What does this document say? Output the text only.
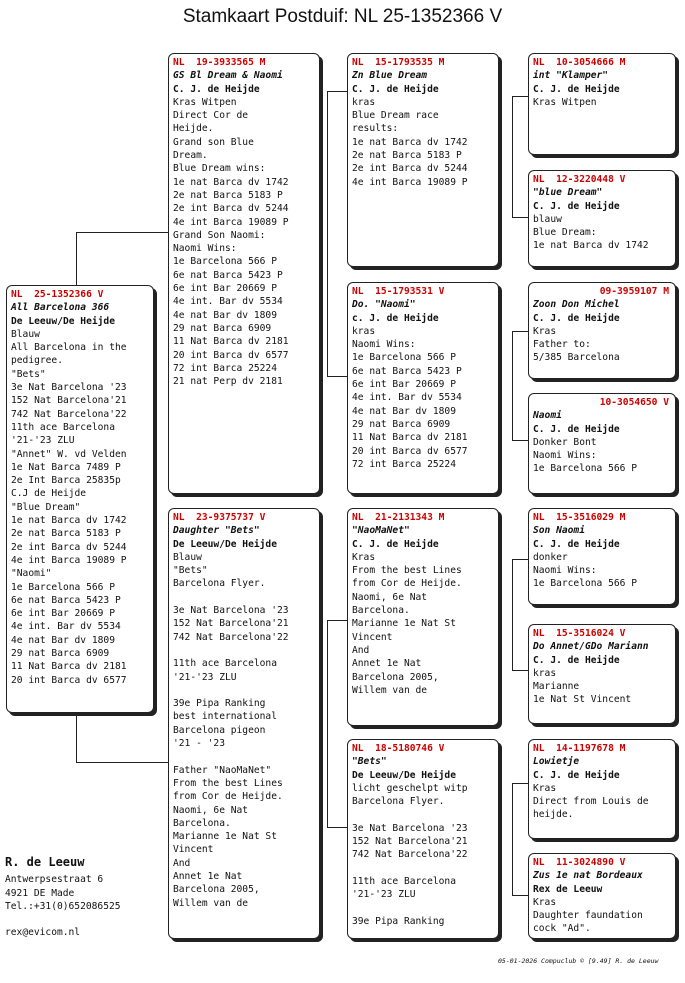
Stamkaart Postduif: NL 25-1352366 V
NL  25-1352366 V
All Barcelona 366
De Leeuw/De Heijde
Blauw
All Barcelona in the
pedigree.
"Bets"
3e Nat Barcelona '23
152 Nat Barcelona'21
742 Nat Barcelona'22
11th ace Barcelona
'21-'23 ZLU
"Annet" W. vd Velden
1e Nat Barca 7489 P
2e Int Barca 25835p
C.J de Heijde
"Blue Dream"
1e nat Barca dv 1742
2e nat Barca 5183 P
2e int Barca dv 5244
4e int Barca 19089 P
"Naomi"
1e Barcelona 566 P
6e nat Barca 5423 P
6e int Bar 20669 P
4e int. Bar dv 5534
4e nat Bar dv 1809
29 nat Barca 6909
11 Nat Barca dv 2181
20 int Barca dv 6577
NL  19-3933565 M
GS Bl Dream & Naomi
C. J. de Heijde
Kras Witpen
Direct Cor de
Heijde.
Grand son Blue
Dream.
Blue Dream wins:
1e nat Barca dv 1742
2e nat Barca 5183 P
2e int Barca dv 5244
4e int Barca 19089 P
Grand Son Naomi:
Naomi Wins:
1e Barcelona 566 P
6e nat Barca 5423 P
6e int Bar 20669 P
4e int. Bar dv 5534
4e nat Bar dv 1809
29 nat Barca 6909
11 Nat Barca dv 2181
20 int Barca dv 6577
72 int Barca 25224
21 nat Perp dv 2181
NL  23-9375737 V
Daughter "Bets"
De Leeuw/De Heijde
Blauw
"Bets"
Barcelona Flyer.
3e Nat Barcelona '23
152 Nat Barcelona'21
742 Nat Barcelona'22
11th ace Barcelona
'21-'23 ZLU
39e Pipa Ranking
best international
Barcelona pigeon
'21 - '23
Father "NaoMaNet"
From the best Lines
from Cor de Heijde.
Naomi, 6e Nat
Barcelona.
Marianne 1e Nat St
Vincent
And
Annet 1e Nat
Barcelona 2005,
Willem van de
NL  15-1793535 M
Zn Blue Dream
C. J. de Heijde
kras
Blue Dream race
results:
1e nat Barca dv 1742
2e nat Barca 5183 P
2e int Barca dv 5244
4e int Barca 19089 P
NL  15-1793531 V
Do. "Naomi"
c. J. de Heijde
kras
Naomi Wins:
1e Barcelona 566 P
6e nat Barca 5423 P
6e int Bar 20669 P
4e int. Bar dv 5534
4e nat Bar dv 1809
29 nat Barca 6909
11 Nat Barca dv 2181
20 int Barca dv 6577
72 int Barca 25224
NL  21-2131343 M
"NaoMaNet"
C. J. de Heijde
Kras
From the best Lines
from Cor de Heijde.
Naomi, 6e Nat
Barcelona.
Marianne 1e Nat St
Vincent
And
Annet 1e Nat
Barcelona 2005,
Willem van de
NL  18-5180746 V
"Bets"
De Leeuw/De Heijde
licht geschelpt witp
Barcelona Flyer.
3e Nat Barcelona '23
152 Nat Barcelona'21
742 Nat Barcelona'22
11th ace Barcelona
'21-'23 ZLU
39e Pipa Ranking
NL  10-3054666 M
int "Klamper"
C. J. de Heijde
Kras Witpen
NL  12-3220448 V
"blue Dream"
C. J. de Heijde
blauw
Blue Dream:
1e nat Barca dv 1742
09-3959107 M
Zoon Don Michel
C. J. de Heijde
Kras
Father to:
5/385 Barcelona
10-3054650 V
Naomi
C. J. de Heijde
Donker Bont
Naomi Wins:
1e Barcelona 566 P
NL  15-3516029 M
Son Naomi
C. J. de Heijde
donker
Naomi Wins:
1e Barcelona 566 P
NL  15-3516024 V
Do Annet/GDo Mariann
C. J. de Heijde
kras
Marianne
1e Nat St Vincent
NL  14-1197678 M
Lowietje
C. J. de Heijde
Kras
Direct from Louis de
heijde.
NL  11-3024890 V
Zus 1e nat Bordeaux
Rex de Leeuw
Kras
Daughter faundation
cock "Ad".
R. de Leeuw
Antwerpsestraat 6
4921 DE Made
Tel.:+31(0)652086525
rex@evicom.nl
05-01-2026 Compuclub © [9.49] R. de Leeuw
